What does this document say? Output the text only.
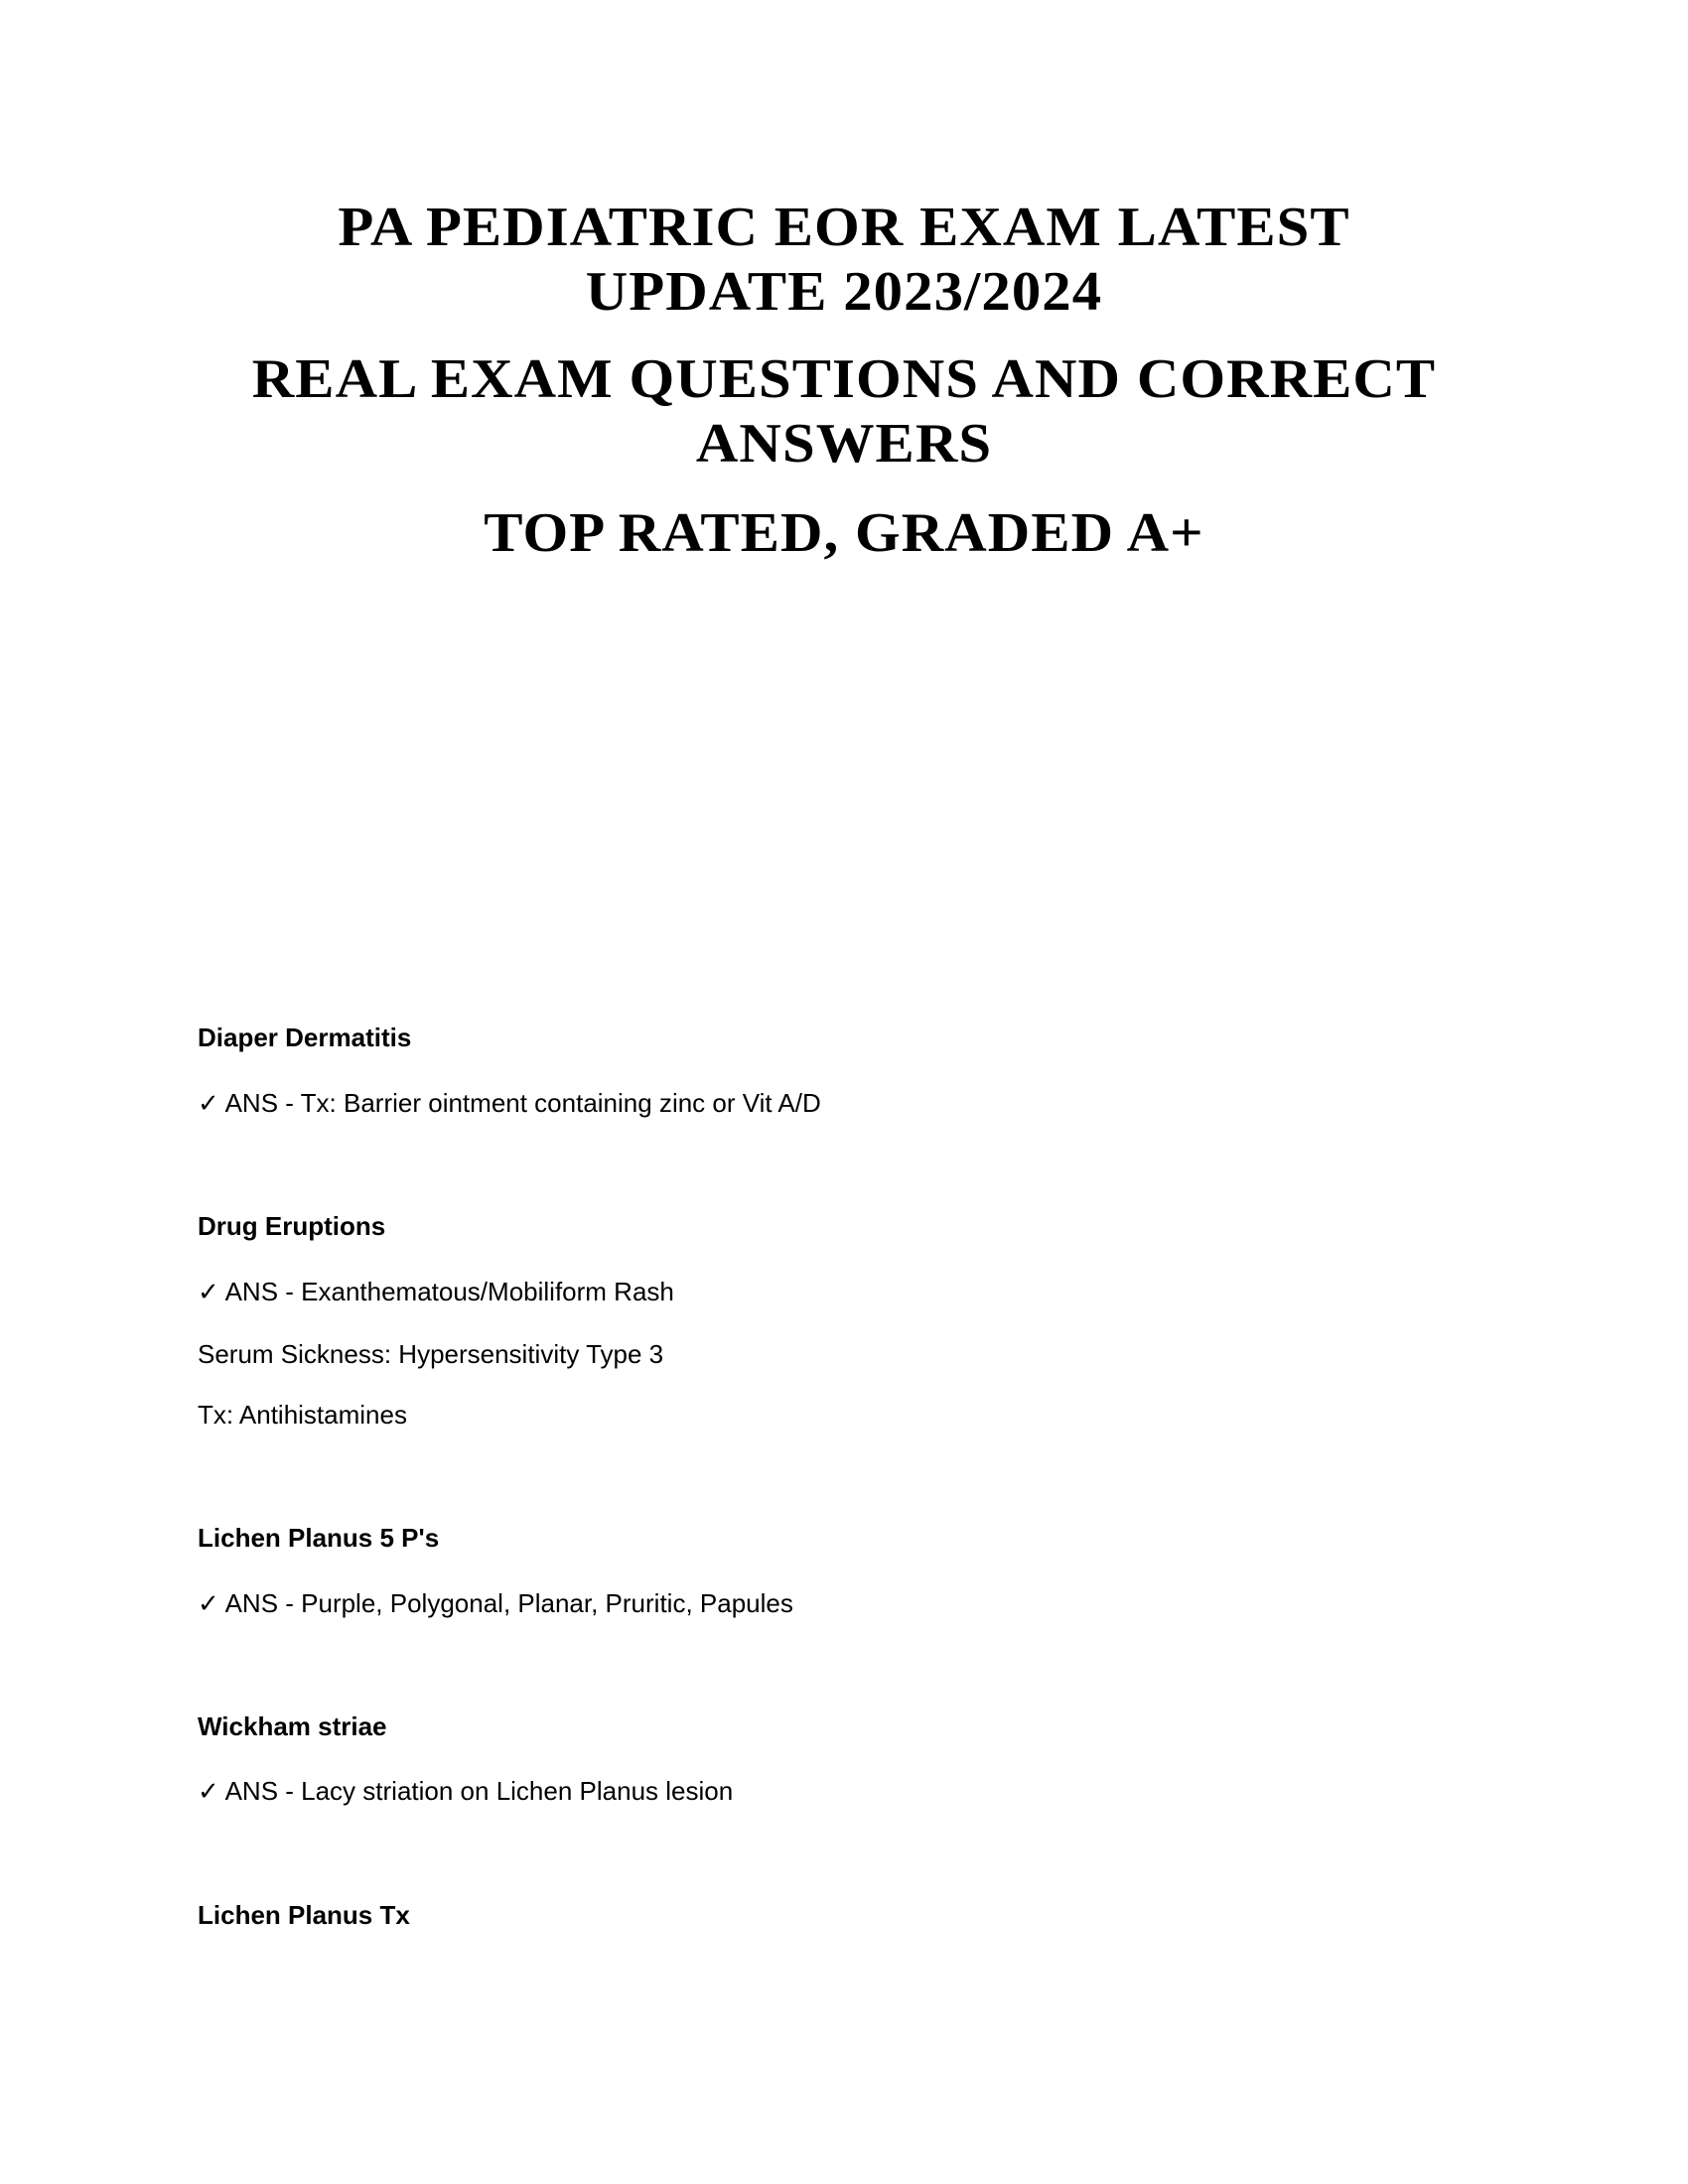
PA PEDIATRIC EOR EXAM LATEST
UPDATE 2023/2024
REAL EXAM QUESTIONS AND CORRECT
ANSWERS
TOP RATED, GRADED A+
Diaper Dermatitis
✓ ANS - Tx: Barrier ointment containing zinc or Vit A/D
Drug Eruptions
✓ ANS - Exanthematous/Mobiliform Rash
Serum Sickness: Hypersensitivity Type 3
Tx: Antihistamines
Lichen Planus 5 P's
✓ ANS - Purple, Polygonal, Planar, Pruritic, Papules
Wickham striae
✓ ANS - Lacy striation on Lichen Planus lesion
Lichen Planus Tx
